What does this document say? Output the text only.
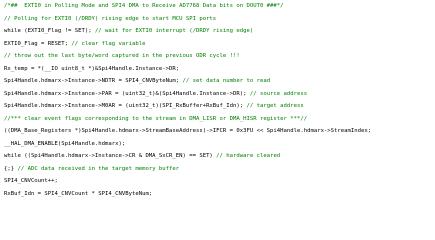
/*##  EXTI0 in Polling Mode and SPI4 DMA to Receive AD7768 Data bits on DOUT0 ###*/
// Polling for EXTI0 (/DRDY) rising edge to start MCU SPI ports
while (EXTI0_Flag != SET); // wait for EXTI0 interrupt (/DRDY rising edge)
EXTI0_Flag = RESET; // clear flag variable
// throw out the last byte/word captured in the previous ODR cycle !!!
Rx_temp = *(__IO uint8_t *)&Spi4Handle.Instance->DR;
Spi4Handle.hdmarx->Instance->NDTR = SPI4_CNVByteNum; // set data number to read
Spi4Handle.hdmarx->Instance->PAR = (uint32_t)&(Spi4Handle.Instance->DR); // source address
Spi4Handle.hdmarx->Instance->M0AR = (uint32_t)(SPI_RxBuffer+RxBuf_Idn); // target address
//*** clear event flags corresponding to the stream in DMA_LISR or DMA_HISR register ***//
((DMA_Base_Registers *)Spi4Handle.hdmarx->StreamBaseAddress)->IFCR = 0x3FU << Spi4Handle.hdmarx->StreamIndex;
__HAL_DMA_ENABLE(Spi4Handle.hdmarx);
while ((Spi4Handle.hdmarx->Instance->CR & DMA_SxCR_EN) == SET) // hardware cleared
{;} // ADC data received in the target memory buffer
SPI4_CNVCount++;
RxBuf_Idn = SPI4_CNVCount * SPI4_CNVByteNum;
